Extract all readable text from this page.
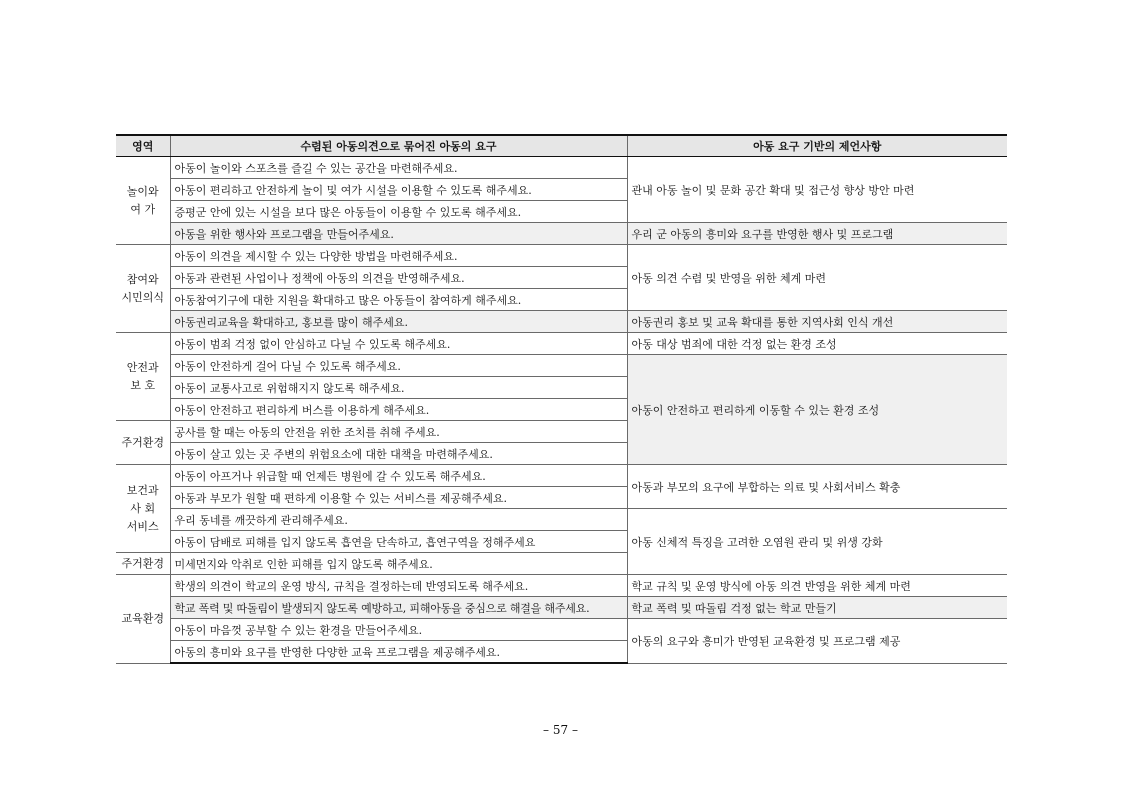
영역	수렴된 아동의견으로 묶어진 아동의 요구	아동 요구 기반의 제언사항

놀이와
여 가	아동이 놀이와 스포츠를 즐길 수 있는 공간을 마련해주세요.	관내 아동 놀이 및 문화 공간 확대 및 접근성 향상 방안 마련
	아동이 편리하고 안전하게 놀이 및 여가 시설을 이용할 수 있도록 해주세요.	
	증평군 안에 있는 시설을 보다 많은 아동들이 이용할 수 있도록 해주세요.	
	아동을 위한 행사와 프로그램을 만들어주세요.	우리 군 아동의 흥미와 요구를 반영한 행사 및 프로그램

참여와
시민의식	아동이 의견을 제시할 수 있는 다양한 방법을 마련해주세요.	아동 의견 수렴 및 반영을 위한 체계 마련
	아동과 관련된 사업이나 정책에 아동의 의견을 반영해주세요.	
	아동참여기구에 대한 지원을 확대하고 많은 아동들이 참여하게 해주세요.	
	아동권리교육을 확대하고, 홍보를 많이 해주세요.	아동권리 홍보 및 교육 확대를 통한 지역사회 인식 개선

안전과
보 호	아동이 범죄 걱정 없이 안심하고 다닐 수 있도록 해주세요.	아동 대상 범죄에 대한 걱정 없는 환경 조성
	아동이 안전하게 걸어 다닐 수 있도록 해주세요.	아동이 안전하고 편리하게 이동할 수 있는 환경 조성
	아동이 교통사고로 위험해지지 않도록 해주세요.	
	아동이 안전하고 편리하게 버스를 이용하게 해주세요.	

주거환경	공사를 할 때는 아동의 안전을 위한 조치를 취해 주세요.	
	아동이 살고 있는 곳 주변의 위험요소에 대한 대책을 마련해주세요.	

보건과
사 회
서비스	아동이 아프거나 위급할 때 언제든 병원에 갈 수 있도록 해주세요.	아동과 부모의 요구에 부합하는 의료 및 사회서비스 확충
	아동과 부모가 원할 때 편하게 이용할 수 있는 서비스를 제공해주세요.	
	우리 동네를 깨끗하게 관리해주세요.	아동 신체적 특징을 고려한 오염원 관리 및 위생 강화
	아동이 담배로 피해를 입지 않도록 흡연을 단속하고, 흡연구역을 정해주세요	

주거환경	미세먼지와 악취로 인한 피해를 입지 않도록 해주세요.	

교육환경	학생의 의견이 학교의 운영 방식, 규칙을 결정하는데 반영되도록 해주세요.	학교 규칙 및 운영 방식에 아동 의견 반영을 위한 체계 마련
	학교 폭력 및 따돌림이 발생되지 않도록 예방하고, 피해아동을 중심으로 해결을 해주세요.	학교 폭력 및 따돌림 걱정 없는 학교 만들기
	아동이 마음껏 공부할 수 있는 환경을 만들어주세요.	아동의 요구와 흥미가 반영된 교육환경 및 프로그램 제공
	아동의 흥미와 요구를 반영한 다양한 교육 프로그램을 제공해주세요.	
– 57 –
